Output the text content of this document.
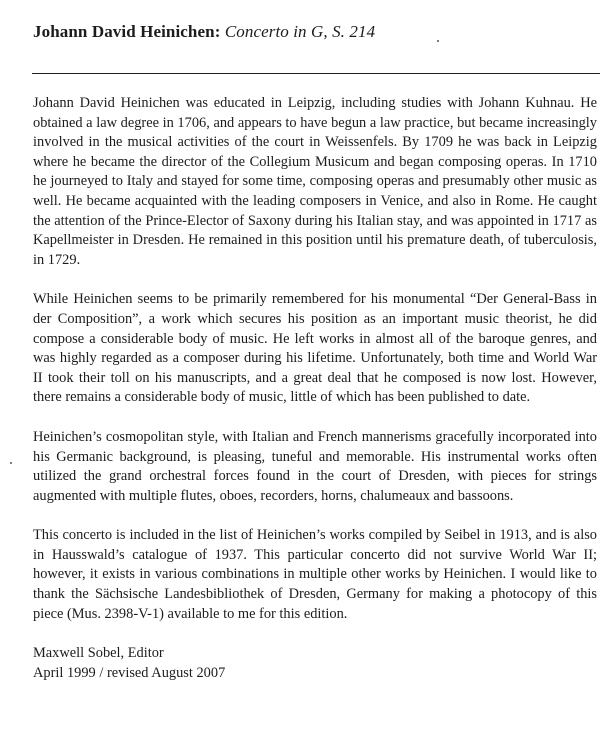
Johann David Heinichen: Concerto in G, S. 214

Johann David Heinichen was educated in Leipzig, including studies with Johann Kuhnau. He obtained a law degree in 1706, and appears to have begun a law practice, but became increasingly involved in the musical activities of the court in Weissenfels. By 1709 he was back in Leipzig where he became the director of the Collegium Musicum and began composing operas. In 1710 he journeyed to Italy and stayed for some time, composing operas and presumably other music as well. He became acquainted with the leading composers in Venice, and also in Rome. He caught the attention of the Prince-Elector of Saxony during his Italian stay, and was appointed in 1717 as Kapellmeister in Dresden. He remained in this position until his premature death, of tuberculosis, in 1729.

While Heinichen seems to be primarily remembered for his monumental “Der General-Bass in der Composition”, a work which secures his position as an important music theorist, he did compose a considerable body of music. He left works in almost all of the baroque genres, and was highly regarded as a composer during his lifetime. Unfortunately, both time and World War II took their toll on his manuscripts, and a great deal that he composed is now lost. However, there remains a considerable body of music, little of which has been published to date.

Heinichen’s cosmopolitan style, with Italian and French mannerisms gracefully incorporated into his Germanic background, is pleasing, tuneful and memorable. His instrumental works often utilized the grand orchestral forces found in the court of Dresden, with pieces for strings augmented with multiple flutes, oboes, recorders, horns, chalumeaux and bassoons.

This concerto is included in the list of Heinichen’s works compiled by Seibel in 1913, and is also in Hausswald’s catalogue of 1937. This particular concerto did not survive World War II; however, it exists in various combinations in multiple other works by Heinichen. I would like to thank the Sächsische Landesbibliothek of Dresden, Germany for making a photocopy of this piece (Mus. 2398-V-1) available to me for this edition.

Maxwell Sobel, Editor
April 1999 / revised August 2007
